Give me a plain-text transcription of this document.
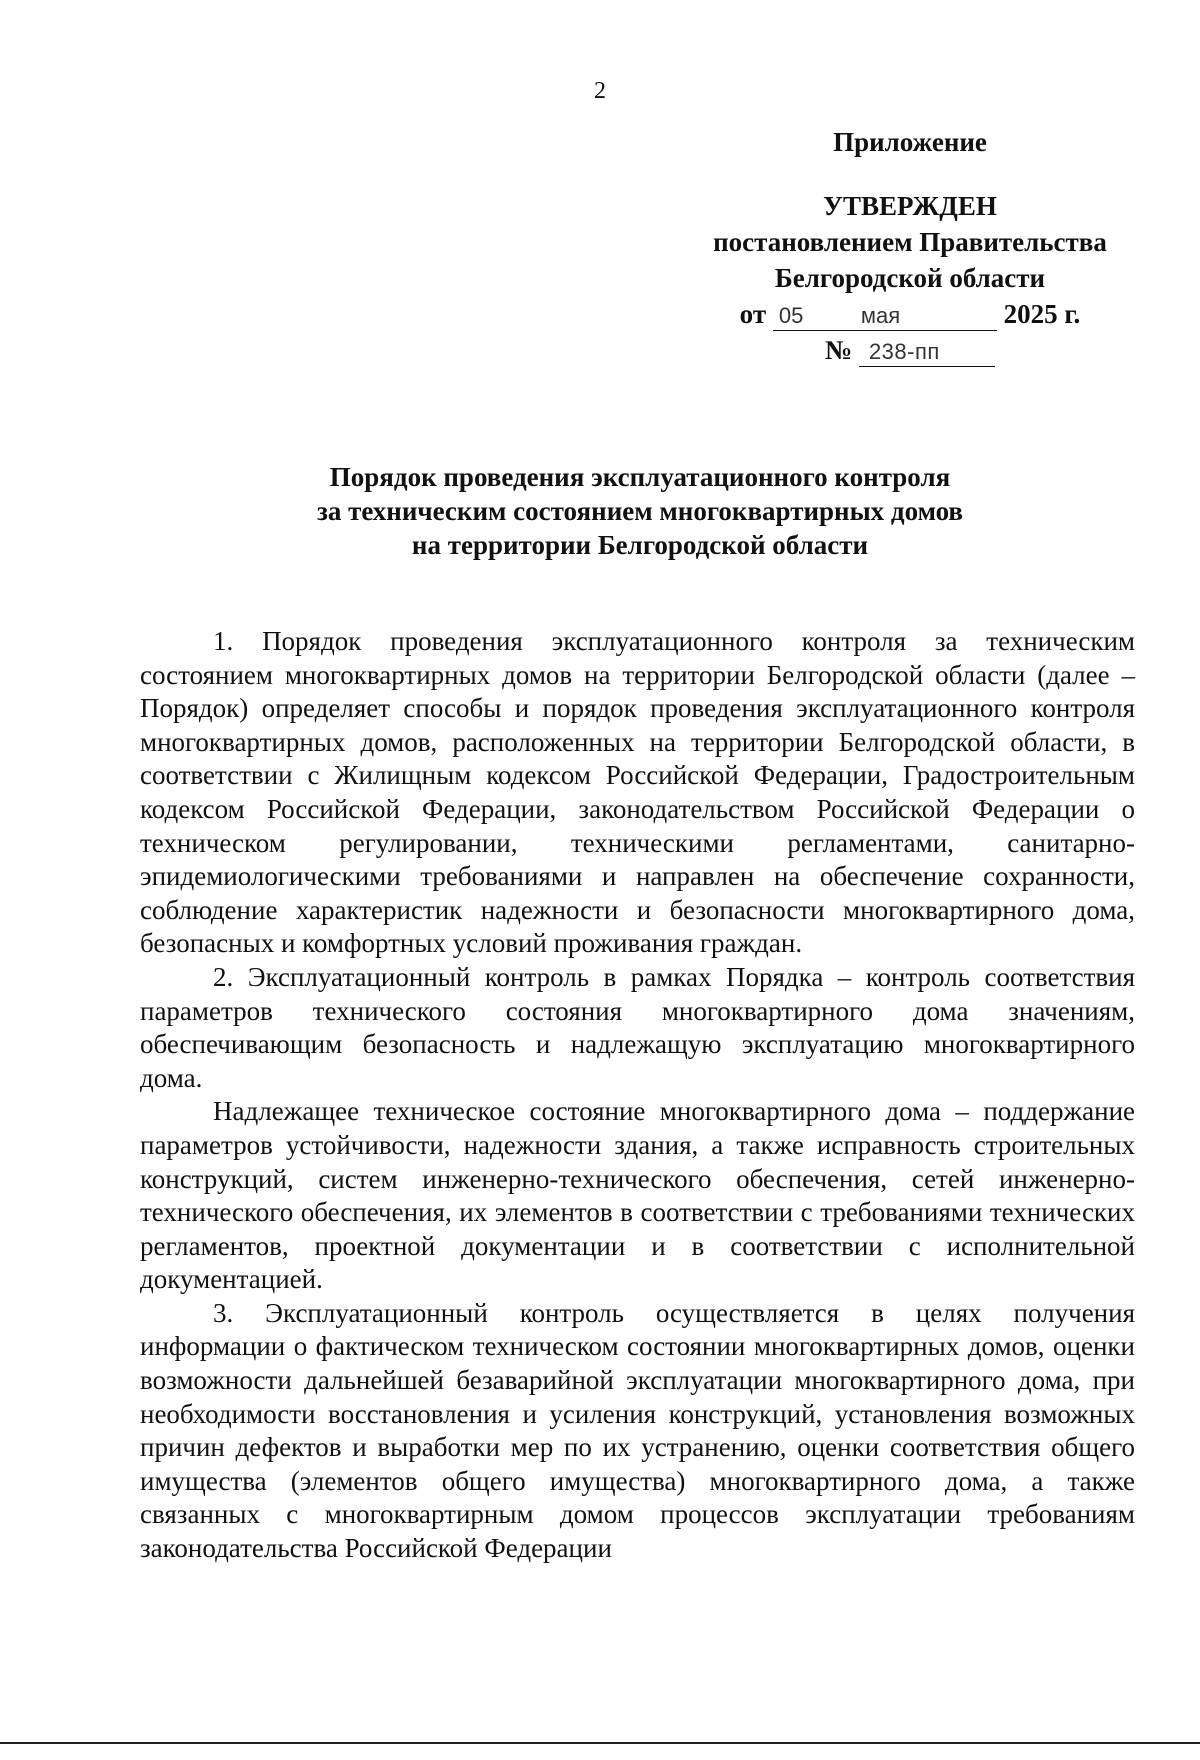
2
Приложение
УТВЕРЖДЕН
постановлением Правительства
Белгородской области
от 05	мая	2025 г.
№ 238-пп
Порядок проведения эксплуатационного контроля
за техническим состоянием многоквартирных домов
на территории Белгородской области

1. Порядок проведения эксплуатационного контроля за техническим состоянием многоквартирных домов на территории Белгородской области (далее – Порядок) определяет способы и порядок проведения эксплуатационного контроля многоквартирных домов, расположенных на территории Белгородской области, в соответствии с Жилищным кодексом Российской Федерации, Градостроительным кодексом Российской Федерации, законодательством Российской Федерации о техническом регулировании, техническими регламентами, санитарно-эпидемиологическими требованиями и направлен на обеспечение сохранности, соблюдение характеристик надежности и безопасности многоквартирного дома, безопасных и комфортных условий проживания граждан.

2. Эксплуатационный контроль в рамках Порядка – контроль соответствия параметров технического состояния многоквартирного дома значениям, обеспечивающим безопасность и надлежащую эксплуатацию многоквартирного дома.

Надлежащее техническое состояние многоквартирного дома – поддержание параметров устойчивости, надежности здания, а также исправность строительных конструкций, систем инженерно-технического обеспечения, сетей инженерно-технического обеспечения, их элементов в соответствии с требованиями технических регламентов, проектной документации и в соответствии с исполнительной документацией.

3. Эксплуатационный контроль осуществляется в целях получения информации о фактическом техническом состоянии многоквартирных домов, оценки возможности дальнейшей безаварийной эксплуатации многоквартирного дома, при необходимости восстановления и усиления конструкций, установления возможных причин дефектов и выработки мер по их устранению, оценки соответствия общего имущества (элементов общего имущества) многоквартирного дома, а также связанных с многоквартирным домом процессов эксплуатации требованиям законодательства Российской Федерации
